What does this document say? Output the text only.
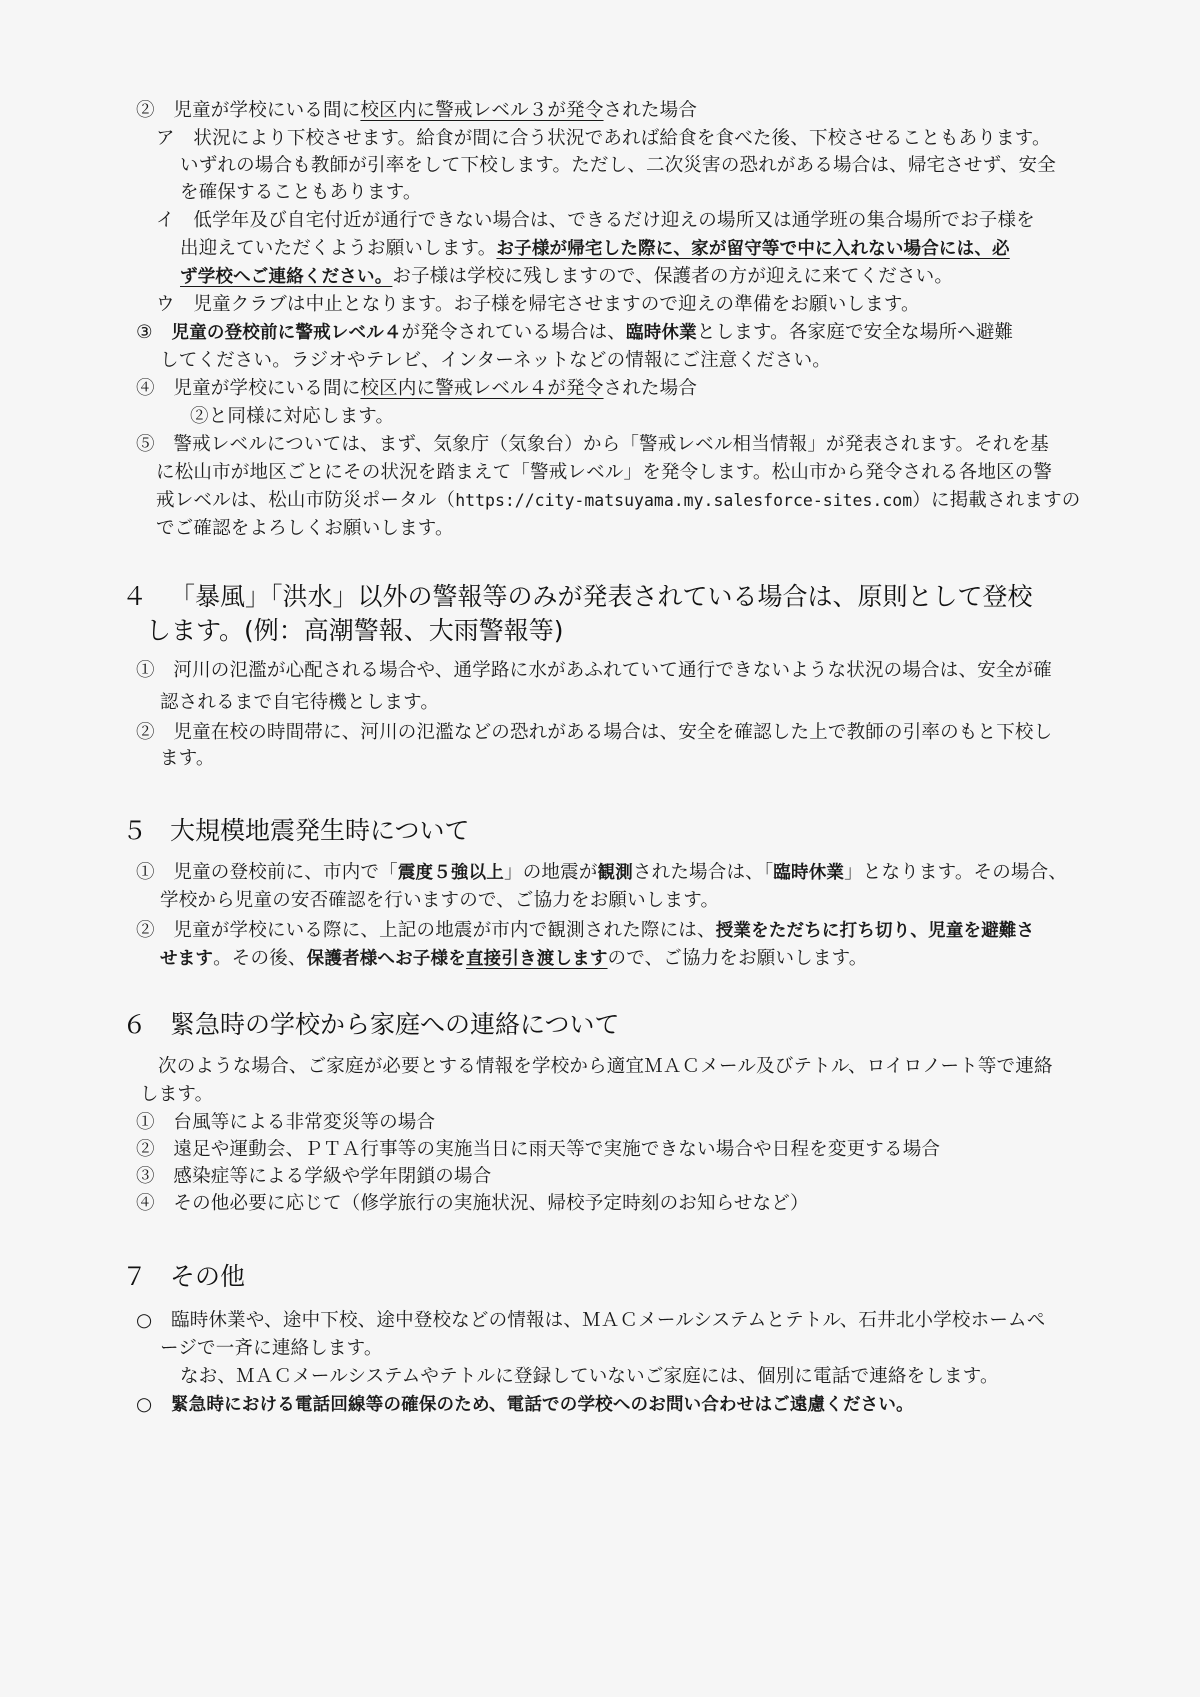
②　 児童が学校にいる間に校区内に警戒レベル３が発令された場合
ア　状況により下校させます。給食が間に合う状況であれば給食を食べた後、下校させることもあります。
いずれの場合も教師が引率をして下校します。ただし、二次災害の恐れがある場合は、帰宅させず、安全
を確保することもあります。
イ　低学年及び自宅付近が通行できない場合は、できるだけ迎えの場所又は通学班の集合場所でお子様を
出迎えていただくようお願いします。お子様が帰宅した際に、家が留守等で中に入れない場合には、必
ず学校へご連絡ください。お子様は学校に残しますので、保護者の方が迎えに来てください。
ウ　児童クラブは中止となります。お子様を帰宅させますので迎えの準備をお願いします。
③　 児童の登校前に警戒レベル４が発令されている場合は、臨時休業とします。各家庭で安全な場所へ避難
してください。ラジオやテレビ、インターネットなどの情報にご注意ください。
④　 児童が学校にいる間に校区内に警戒レベル４が発令された場合
②と同様に対応します。
⑤　 警戒レベルについては、まず、気象庁（気象台）から「警戒レベル相当情報」が発表されます。それを基
に松山市が地区ごとにその状況を踏まえて「警戒レベル」を発令します。松山市から発令される各地区の警
戒レベルは、松山市防災ポータル（https://city-matsuyama.my.salesforce-sites.com）に掲載されますの
でご確認をよろしくお願いします。
４ 「暴風」「洪水」以外の警報等のみが発表されている場合は、原則として登校
します。(例：高潮警報、大雨警報等)
①　 河川の氾濫が心配される場合や、通学路に水があふれていて通行できないような状況の場合は、安全が確
認されるまで自宅待機とします。
②　 児童在校の時間帯に、河川の氾濫などの恐れがある場合は、安全を確認した上で教師の引率のもと下校し
ます。
５ 大規模地震発生時について
①　 児童の登校前に、市内で「震度５強以上」の地震が観測された場合は、「臨時休業」となります。その場合、
学校から児童の安否確認を行いますので、ご協力をお願いします。
②　 児童が学校にいる際に、上記の地震が市内で観測された際には、授業をただちに打ち切り、児童を避難さ
せます。その後、保護者様へお子様を直接引き渡しますので、ご協力をお願いします。
６ 緊急時の学校から家庭への連絡について
次のような場合、ご家庭が必要とする情報を学校から適宜ＭＡＣメール及びテトル、ロイロノート等で連絡
します。
①　 台風等による非常変災等の場合
②　 遠足や運動会、ＰＴＡ行事等の実施当日に雨天等で実施できない場合や日程を変更する場合
③　 感染症等による学級や学年閉鎖の場合
④　 その他必要に応じて（修学旅行の実施状況、帰校予定時刻のお知らせなど）
７ その他
○　 臨時休業や、途中下校、途中登校などの情報は、ＭＡＣメールシステムとテトル、石井北小学校ホームペ
ージで一斉に連絡します。
なお、ＭＡＣメールシステムやテトルに登録していないご家庭には、個別に電話で連絡をします。
○　 緊急時における電話回線等の確保のため、電話での学校へのお問い合わせはご遠慮ください。
